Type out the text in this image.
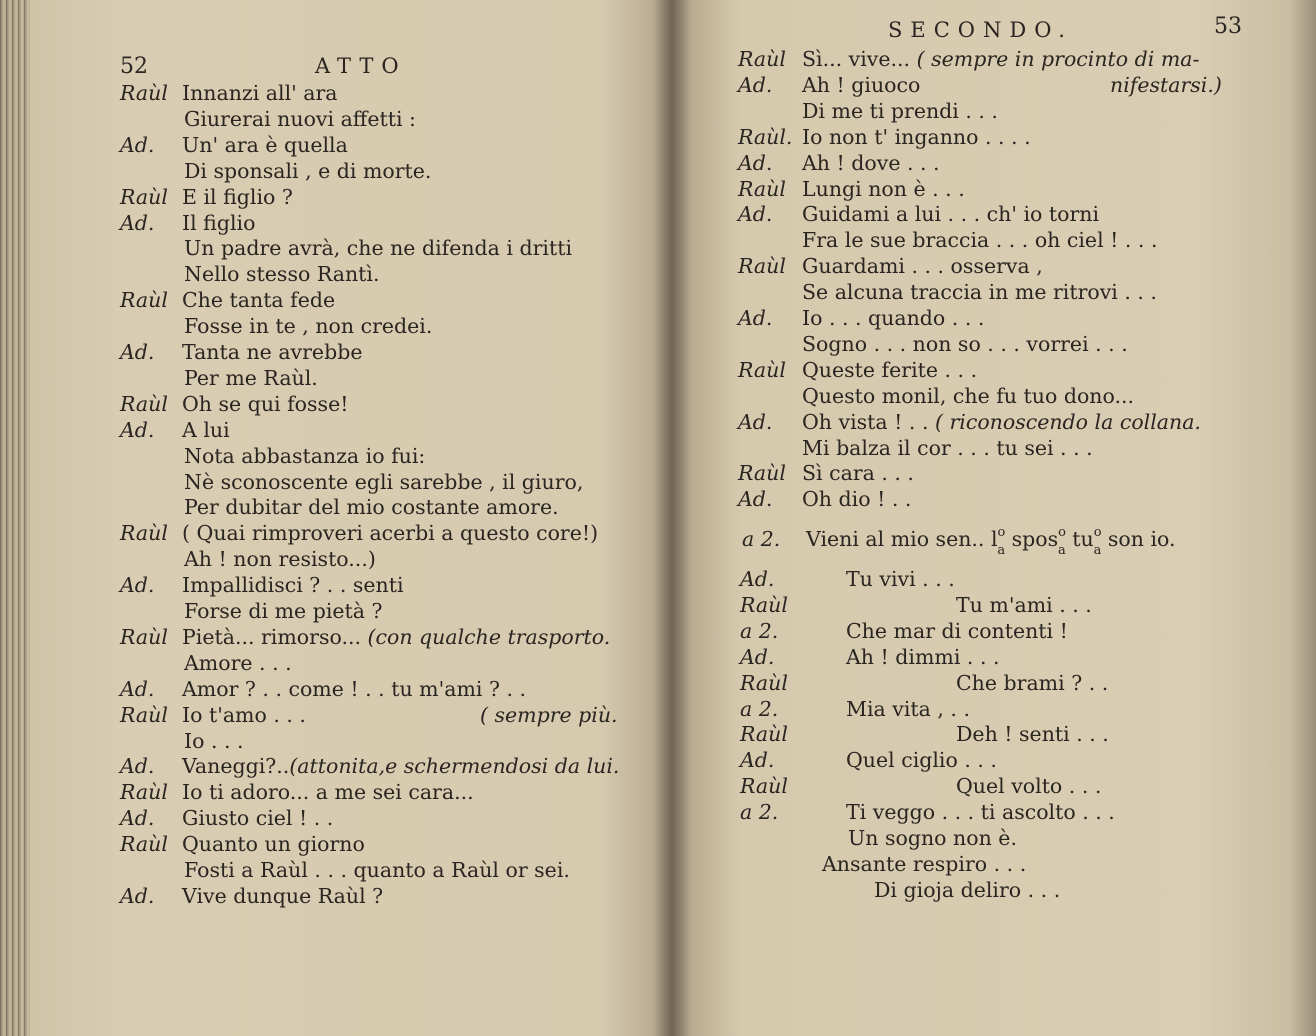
52	ATTO
Raùl Innanzi all' ara
Giurerai nuovi affetti :
Ad. Un' ara è quella
Di sponsali , e di morte.
Raùl E il figlio ?
Ad. Il figlio
Un padre avrà, che ne difenda i dritti
Nello stesso Rantì.
Raùl Che tanta fede
Fosse in te , non credei.
Ad. Tanta ne avrebbe
Per me Raùl.
Raùl Oh se qui fosse!
Ad. A lui
Nota abbastanza io fui:
Nè sconoscente egli sarebbe , il giuro,
Per dubitar del mio costante amore.
Raùl ( Quai rimproveri acerbi a questo core!)
Ah ! non resisto...)
Ad. Impallidisci ? . . senti
Forse di me pietà ?
Raùl Pietà... rimorso... (con qualche trasporto.
Amore . . .
Ad. Amor ? . . come ! . . tu m'ami ? . .
Raùl Io t'amo . . .	( sempre più.
Io . . .
Ad. Vaneggi?..(attonita,e schermendosi da lui.
Raùl Io ti adoro... a me sei cara...
Ad. Giusto ciel ! . .
Raùl Quanto un giorno
Fosti a Raùl . . . quanto a Raùl or sei.
Ad. Vive dunque Raùl ?
SECONDO.	53
Raùl Sì... vive... ( sempre in procinto di ma-
Ad. Ah ! giuoco	nifestarsi.)
Di me ti prendi . . .
Raùl. Io non t' inganno . . . .
Ad. Ah ! dove . . .
Raùl Lungi non è . . .
Ad. Guidami a lui . . . ch' io torni
Fra le sue braccia . . . oh ciel ! . . .
Raùl Guardami . . . osserva ,
Se alcuna traccia in me ritrovi . . .
Ad. Io . . . quando . . .
Sogno . . . non so . . . vorrei . . .
Raùl Queste ferite . . .
Questo monil, che fu tuo dono...
Ad. Oh vista ! . . ( riconoscendo la collana.
Mi balza il cor . . . tu sei . . .
Raùl Sì cara . . .
Ad. Oh dio ! . .
a 2. Vieni al mio sen.. $l^o_a$ spos$^o_a$ $tu^o_a$ son io.
Ad.	Tu vivi . . .
Raùl	Tu m'ami . . .
a 2.	Che mar di contenti !
Ad.	Ah ! dimmi . . .
Raùl	Che brami ? . .
a 2.	Mia vita , . .
Raùl	Deh ! senti . . .
Ad.	Quel ciglio . . .
Raùl	Quel volto . . .
a 2.	Ti veggo . . . ti ascolto . . .
Un sogno non è.
Ansante respiro . . .
Di gioja deliro . . .
